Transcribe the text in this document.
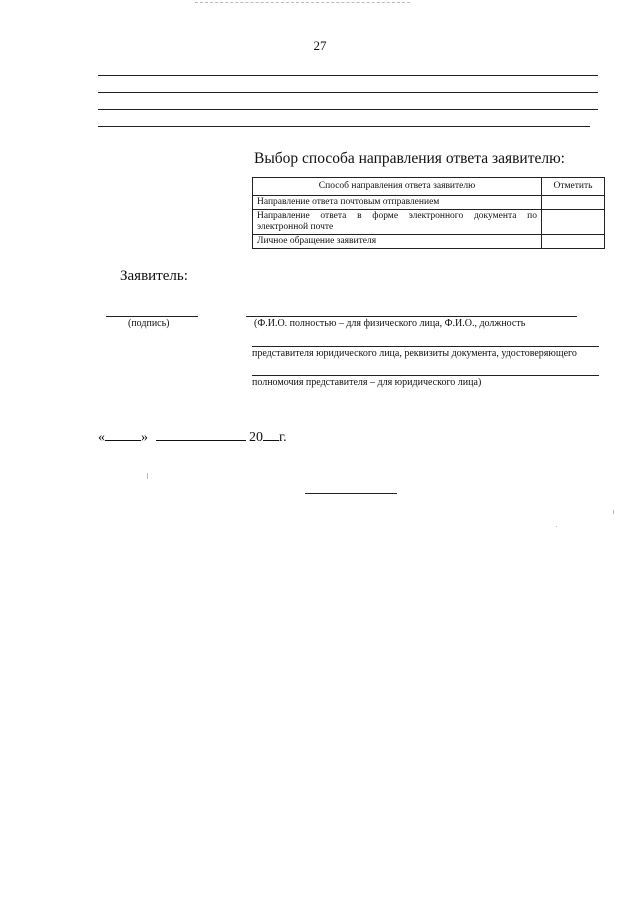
27
Выбор способа направления ответа заявителю:
Способ направления ответа заявителю	Отметить
Направление ответа почтовым отправлением	
Направление ответа в форме электронного документа по электронной почте	
Личное обращение заявителя	
Заявитель:
(подпись)	(Ф.И.О. полностью – для физического лица, Ф.И.О., должность
представителя юридического лица, реквизиты документа, удостоверяющего
полномочия представителя – для юридического лица)
«	»	20 г.
